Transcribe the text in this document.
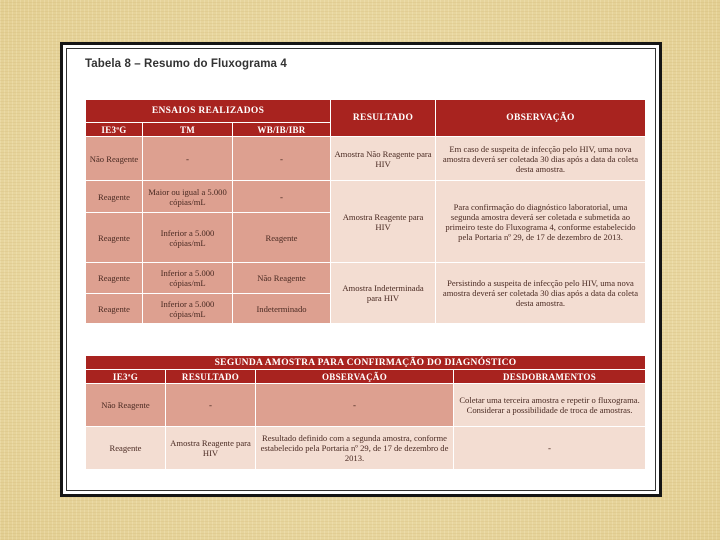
Tabela 8 – Resumo do Fluxograma 4
ENSAIOS REALIZADOS			RESULTADO	OBSERVAÇÃO
IE3ªG	TM	WB/IB/IBR		
Não Reagente	-	-	Amostra Não Reagente para HIV	Em caso de suspeita de infecção pelo HIV, uma nova amostra deverá ser coletada 30 dias após a data da coleta desta amostra.
Reagente	Maior ou igual a 5.000 cópias/mL	-	Amostra Reagente para HIV	Para confirmação do diagnóstico laboratorial, uma segunda amostra deverá ser coletada e submetida ao primeiro teste do Fluxograma 4, conforme estabelecido pela Portaria nº 29, de 17 de dezembro de 2013.
Reagente	Inferior a 5.000 cópias/mL	Reagente		
Reagente	Inferior a 5.000 cópias/mL	Não Reagente	Amostra Indeterminada para HIV	Persistindo a suspeita de infecção pelo HIV, uma nova amostra deverá ser coletada 30 dias após a data da coleta desta amostra.
Reagente	Inferior a 5.000 cópias/mL	Indeterminado		
SEGUNDA AMOSTRA PARA CONFIRMAÇÃO DO DIAGNÓSTICO			
IE3ªG	RESULTADO	OBSERVAÇÃO	DESDOBRAMENTOS
Não Reagente	-	-	Coletar uma terceira amostra e repetir o fluxograma. Considerar a possibilidade de troca de amostras.
Reagente	Amostra Reagente para HIV	Resultado definido com a segunda amostra, conforme estabelecido pela Portaria nº 29, de 17 de dezembro de 2013.	-
